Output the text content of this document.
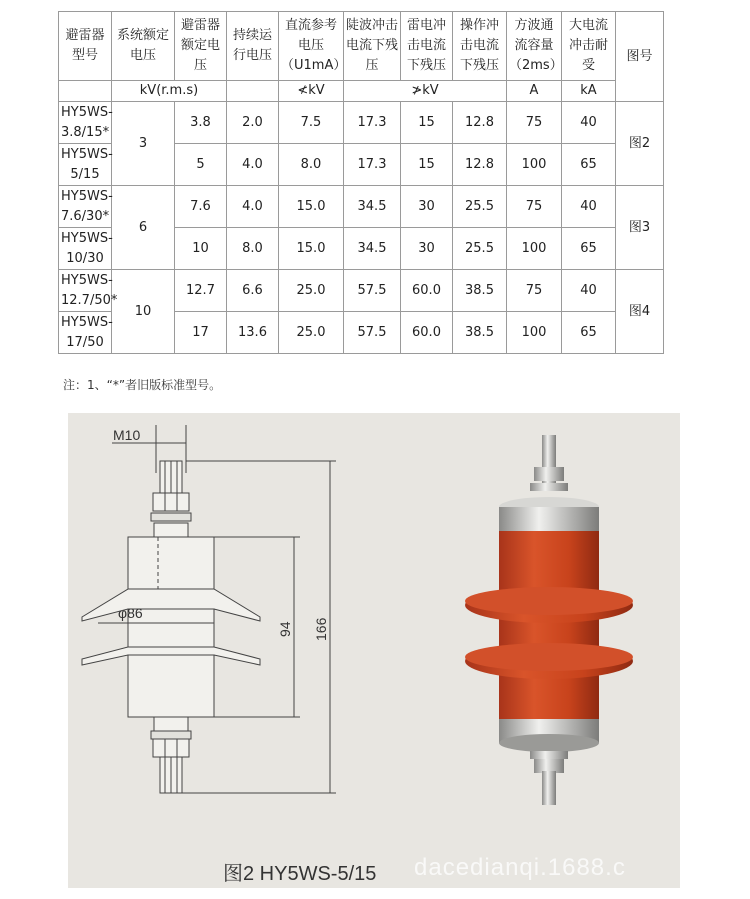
避雷器型号	系统额定电压	避雷器额定电压	持续运行电压	直流参考电压（U1mA）	陡波冲击电流下残压	雷电冲击电流下残压	操作冲击电流下残压	方波通流容量（2ms）	大电流冲击耐受	图号
	kV(r.m.s)			≮kV	≯kV			A	kA	
HY5WS-3.8/15*	3	3.8	2.0	7.5	17.3	15	12.8	75	40	图2
HY5WS-5/15		5	4.0	8.0	17.3	15	12.8	100	65	
HY5WS-7.6/30*	6	7.6	4.0	15.0	34.5	30	25.5	75	40	图3
HY5WS-10/30		10	8.0	15.0	34.5	30	25.5	100	65	
HY5WS-12.7/50*	10	12.7	6.6	25.0	57.5	60.0	38.5	75	40	图4
HY5WS-17/50		17	13.6	25.0	57.5	60.0	38.5	100	65	
注：1、“*”者旧版标准型号。
M10
φ86
94 166
图2 HY5WS-5/15 dacedianqi.1688.c
